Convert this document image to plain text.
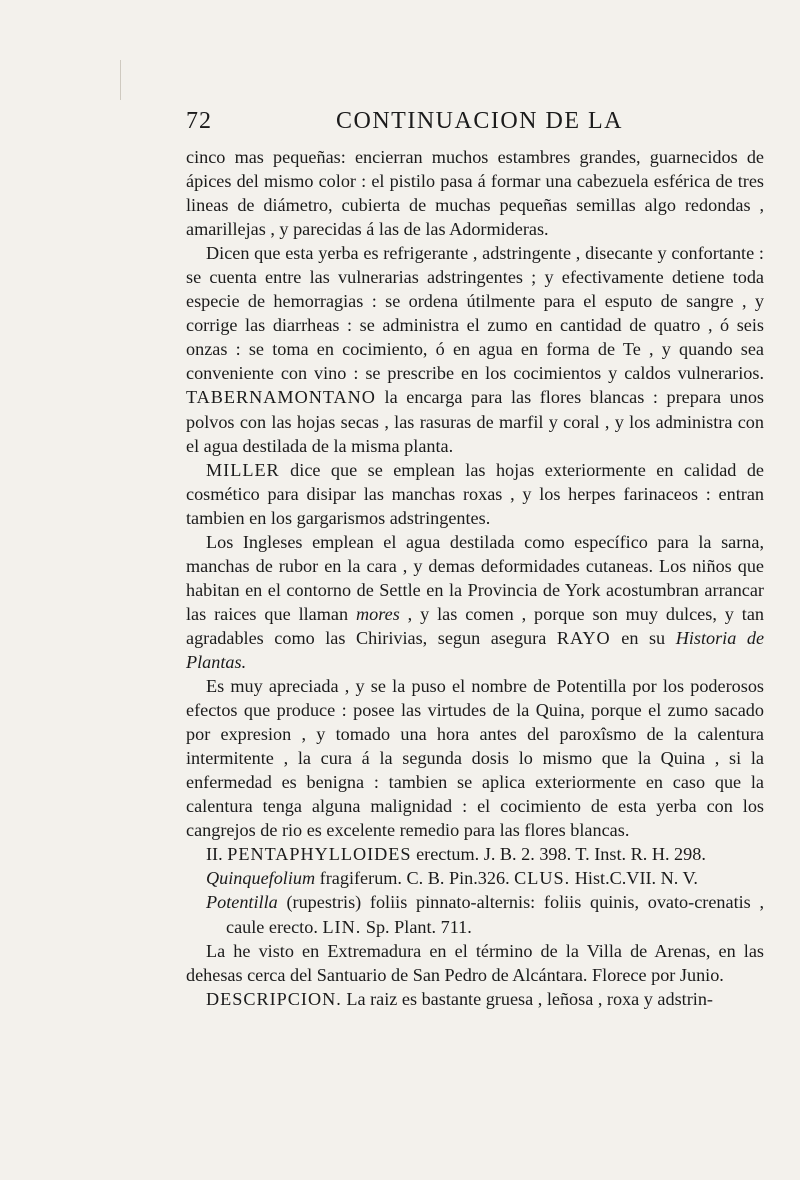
72	CONTINUACION DE LA

cinco mas pequeñas: encierran muchos estambres grandes, guarnecidos de ápices del mismo color : el pistilo pasa á formar una cabezuela esférica de tres lineas de diámetro, cubierta de muchas pequeñas semillas algo redondas , amarillejas , y parecidas á las de las Adormideras.

Dicen que esta yerba es refrigerante , adstringente , disecante y confortante : se cuenta entre las vulnerarias adstringentes ; y efectivamente detiene toda especie de hemorragias : se ordena útilmente para el esputo de sangre , y corrige las diarrheas : se administra el zumo en cantidad de quatro , ó seis onzas : se toma en cocimiento, ó en agua en forma de Te , y quando sea conveniente con vino : se prescribe en los cocimientos y caldos vulnerarios. TABERNAMONTANO la encarga para las flores blancas : prepara unos polvos con las hojas secas , las rasuras de marfil y coral , y los administra con el agua destilada de la misma planta.

MILLER dice que se emplean las hojas exteriormente en calidad de cosmético para disipar las manchas roxas , y los herpes farinaceos : entran tambien en los gargarismos adstringentes.

Los Ingleses emplean el agua destilada como específico para la sarna, manchas de rubor en la cara , y demas deformidades cutaneas. Los niños que habitan en el contorno de Settle en la Provincia de York acostumbran arrancar las raices que llaman mores , y las comen , porque son muy dulces, y tan agradables como las Chirivias, segun asegura RAYO en su Historia de Plantas.

Es muy apreciada , y se la puso el nombre de Potentilla por los poderosos efectos que produce : posee las virtudes de la Quina, porque el zumo sacado por expresion , y tomado una hora antes del paroxîsmo de la calentura intermitente , la cura á la segunda dosis lo mismo que la Quina , si la enfermedad es benigna : tambien se aplica exteriormente en caso que la calentura tenga alguna malignidad : el cocimiento de esta yerba con los cangrejos de rio es excelente remedio para las flores blancas.

II. PENTAPHYLLOIDES erectum. J. B. 2. 398. T. Inst. R. H. 298.

Quinquefolium fragiferum. C. B. Pin.326. CLUS. Hist.C.VII. N. V.

Potentilla (rupestris) foliis pinnato-alternis: foliis quinis, ovato-crenatis , caule erecto. LIN. Sp. Plant. 711.

La he visto en Extremadura en el término de la Villa de Arenas, en las dehesas cerca del Santuario de San Pedro de Alcántara. Florece por Junio.

DESCRIPCION. La raiz es bastante gruesa , leñosa , roxa y adstrin-
